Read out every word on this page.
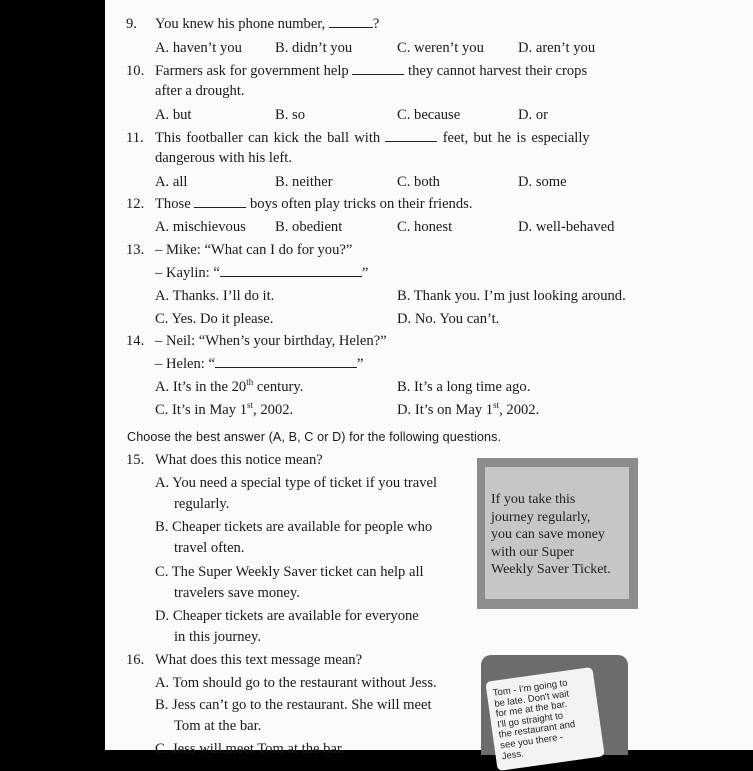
9. You knew his phone number,	?
A. haven’t you B. didn’t you	C. weren’t you D. aren’t you
10. Farmers ask for government help	they cannot harvest their crops
after a drought.
A. but	B. so	C. because	D. or
11. This footballer can kick the ball with	feet, but he is especially
dangerous with his left.
A. all	B. neither	C. both	D. some
12. Those	boys often play tricks on their friends.
A. mischievous B. obedient	C. honest	D. well-behaved
13. – Mike: “What can I do for you?”
– Kaylin: “	”
A. Thanks. I’ll do it.	B. Thank you. I’m just looking around.
C. Yes. Do it please.	D. No. You can’t.
14. – Neil: “When’s your birthday, Helen?”
– Helen: “	”
A. It’s in the 20th century.	B. It’s a long time ago.
C. It’s in May 1st, 2002.	D. It’s on May 1st, 2002.
Choose the best answer (A, B, C or D) for the following questions.
15. What does this notice mean?
A. You need a special type of ticket if you travel
regularly.
B. Cheaper tickets are available for people who
travel often.
C. The Super Weekly Saver ticket can help all
travelers save money.
D. Cheaper tickets are available for everyone
in this journey.
If you take this
journey regularly,
you can save money
with our Super
Weekly Saver Ticket.
16. What does this text message mean?
A. Tom should go to the restaurant without Jess.
B. Jess can’t go to the restaurant. She will meet
Tom at the bar.
C. Jess will meet Tom at the bar.
Tom - I'm going to
be late. Don't wait
for me at the bar.
I'll go straight to
the restaurant and
see you there -
Jess.
